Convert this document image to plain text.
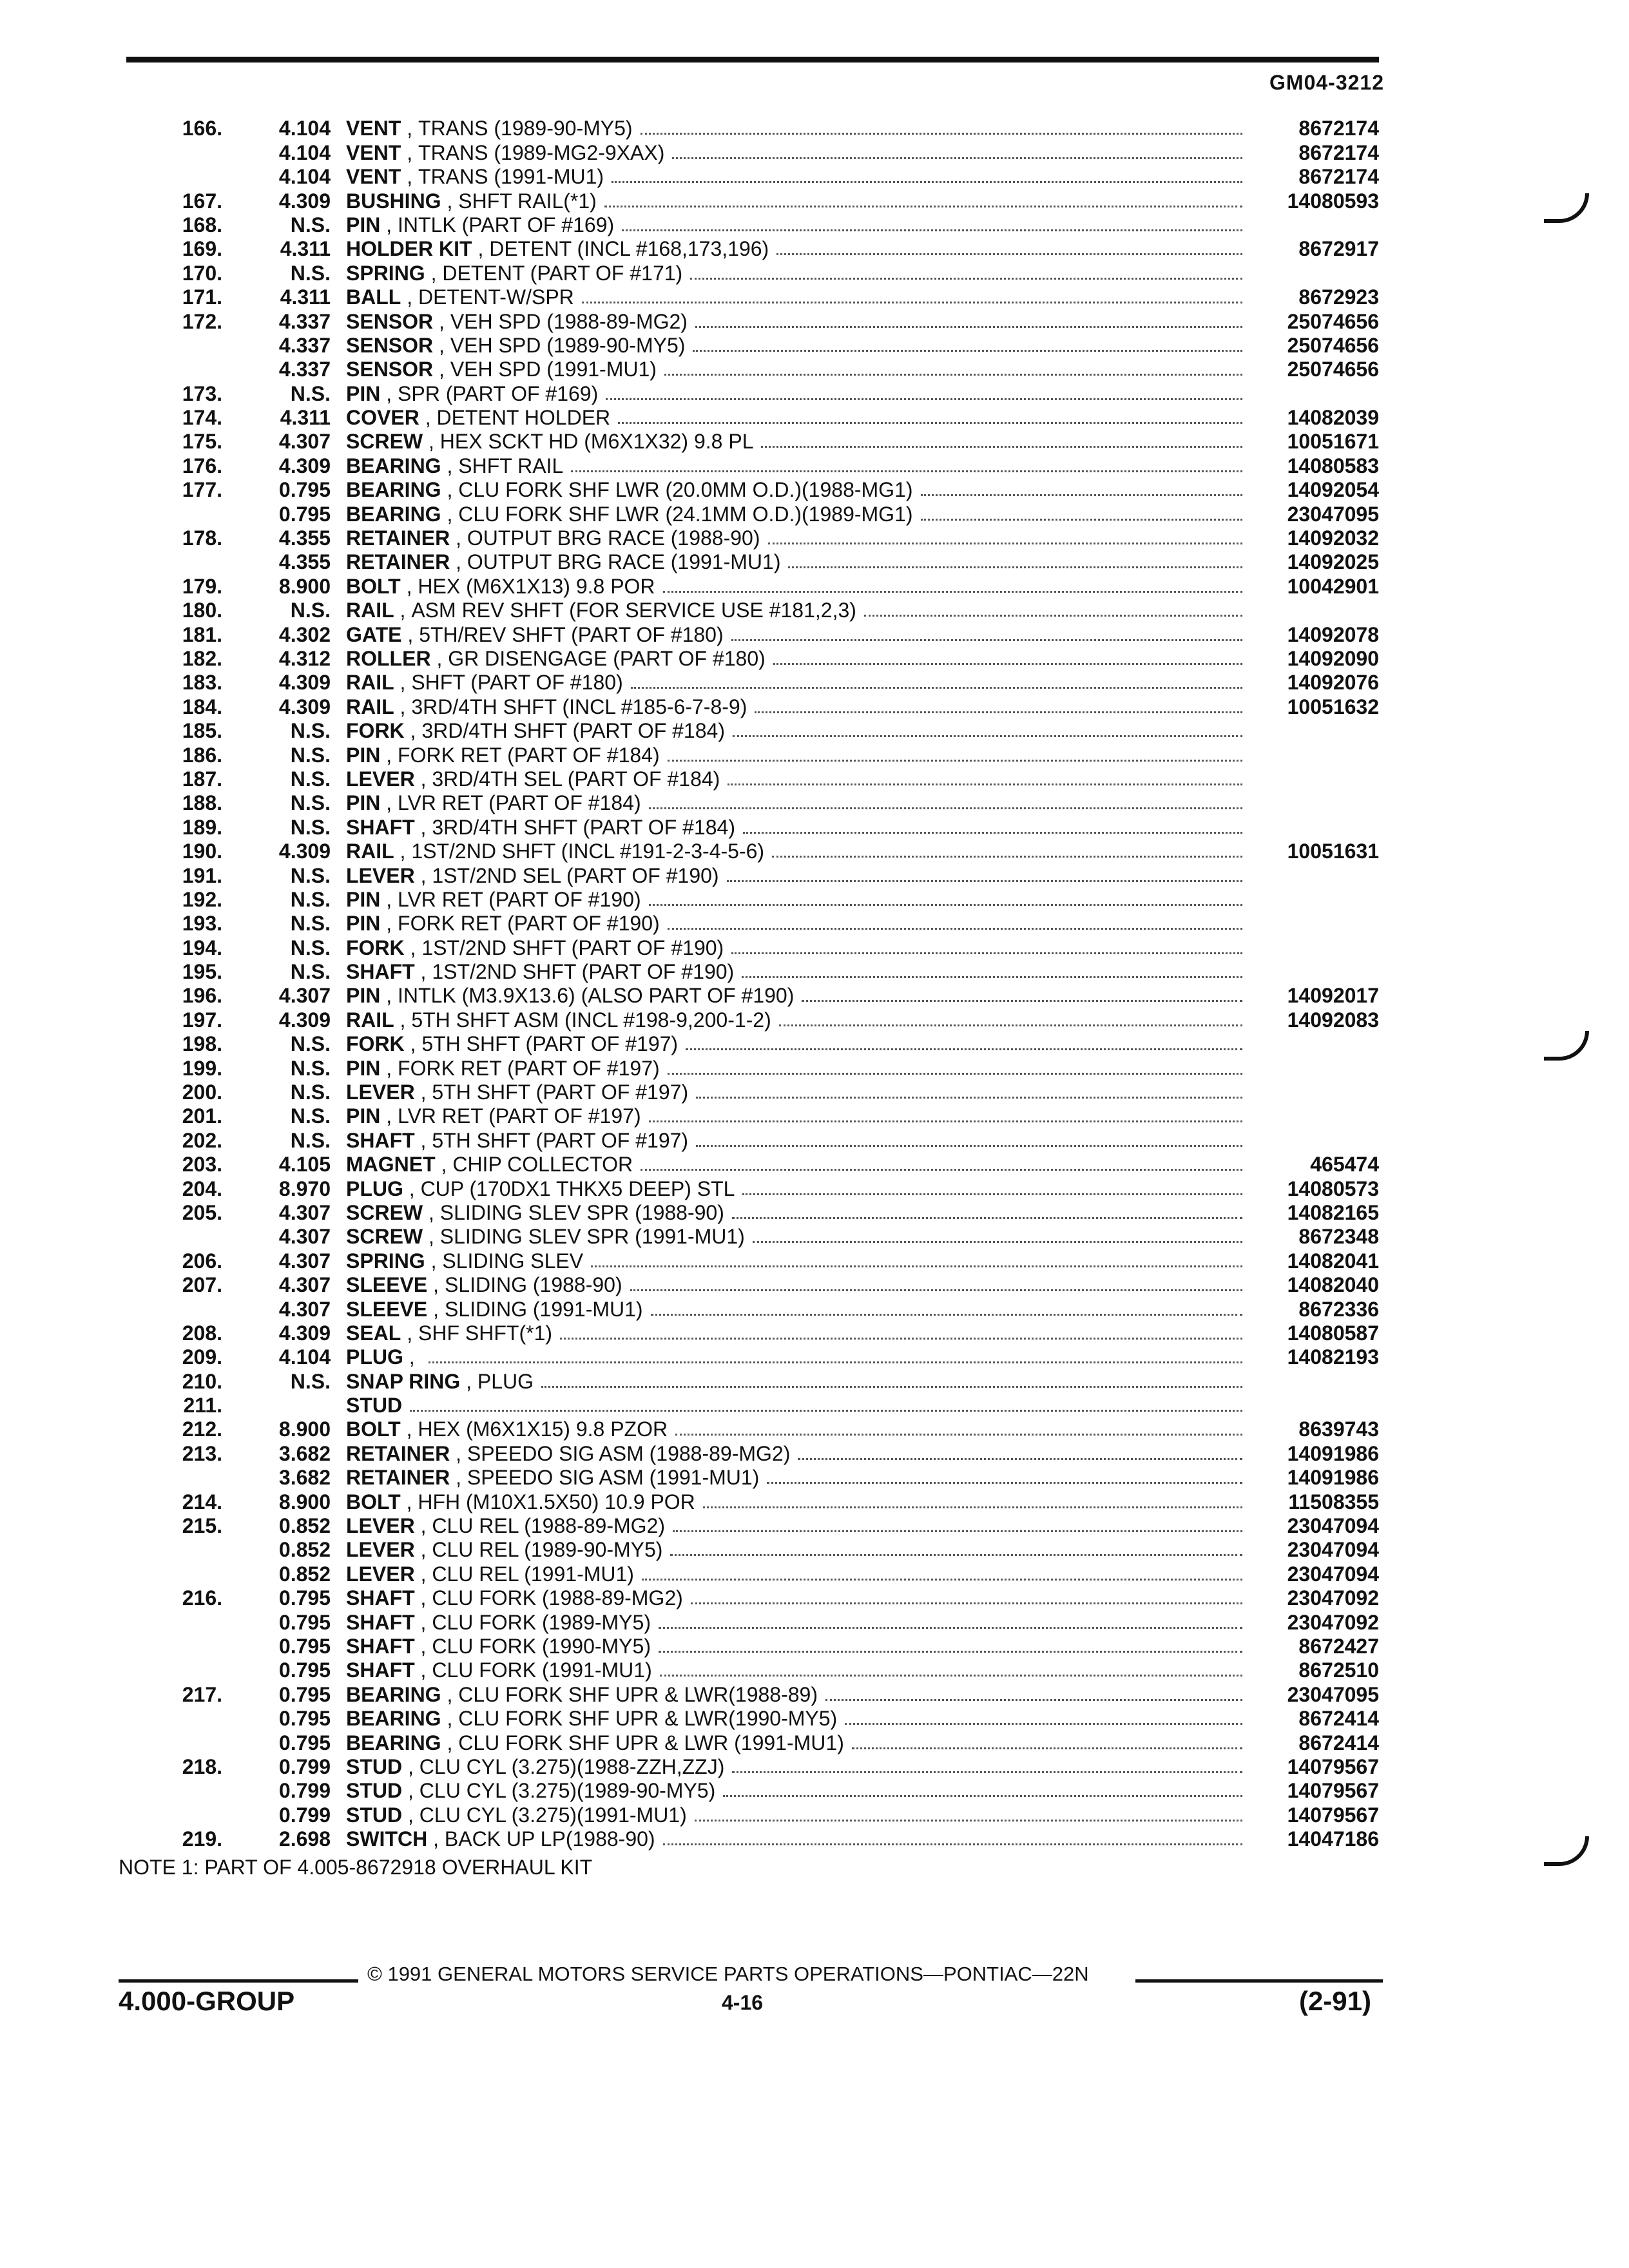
GM04-3212
166.	4.104 VENT , TRANS (1989-90-MY5)	8672174
4.104 VENT , TRANS (1989-MG2-9XAX)	8672174
4.104 VENT , TRANS (1991-MU1)	8672174
167.	4.309 BUSHING , SHFT RAIL(*1)	14080593
168.	N.S. PIN , INTLK (PART OF #169)
169.	4.311 HOLDER KIT , DETENT (INCL #168,173,196)	8672917
170.	N.S. SPRING , DETENT (PART OF #171)
171.	4.311 BALL , DETENT-W/SPR	8672923
172.	4.337 SENSOR , VEH SPD (1988-89-MG2)	25074656
4.337 SENSOR , VEH SPD (1989-90-MY5)	25074656
4.337 SENSOR , VEH SPD (1991-MU1)	25074656
173.	N.S. PIN , SPR (PART OF #169)
174.	4.311 COVER , DETENT HOLDER	14082039
175.	4.307 SCREW , HEX SCKT HD (M6X1X32) 9.8 PL	10051671
176.	4.309 BEARING , SHFT RAIL	14080583
177.	0.795 BEARING , CLU FORK SHF LWR (20.0MM O.D.)(1988-MG1)	14092054
0.795 BEARING , CLU FORK SHF LWR (24.1MM O.D.)(1989-MG1)	23047095
178.	4.355 RETAINER , OUTPUT BRG RACE (1988-90)	14092032
4.355 RETAINER , OUTPUT BRG RACE (1991-MU1)	14092025
179.	8.900 BOLT , HEX (M6X1X13) 9.8 POR	10042901
180.	N.S. RAIL , ASM REV SHFT (FOR SERVICE USE #181,2,3)
181.	4.302 GATE , 5TH/REV SHFT (PART OF #180)	14092078
182.	4.312 ROLLER , GR DISENGAGE (PART OF #180)	14092090
183.	4.309 RAIL , SHFT (PART OF #180)	14092076
184.	4.309 RAIL , 3RD/4TH SHFT (INCL #185-6-7-8-9)	10051632
185.	N.S. FORK , 3RD/4TH SHFT (PART OF #184)
186.	N.S. PIN , FORK RET (PART OF #184)
187.	N.S. LEVER , 3RD/4TH SEL (PART OF #184)
188.	N.S. PIN , LVR RET (PART OF #184)
189.	N.S. SHAFT , 3RD/4TH SHFT (PART OF #184)
190.	4.309 RAIL , 1ST/2ND SHFT (INCL #191-2-3-4-5-6)	10051631
191.	N.S. LEVER , 1ST/2ND SEL (PART OF #190)
192.	N.S. PIN , LVR RET (PART OF #190)
193.	N.S. PIN , FORK RET (PART OF #190)
194.	N.S. FORK , 1ST/2ND SHFT (PART OF #190)
195.	N.S. SHAFT , 1ST/2ND SHFT (PART OF #190)
196.	4.307 PIN , INTLK (M3.9X13.6) (ALSO PART OF #190)	14092017
197.	4.309 RAIL , 5TH SHFT ASM (INCL #198-9,200-1-2)	14092083
198.	N.S. FORK , 5TH SHFT (PART OF #197)
199.	N.S. PIN , FORK RET (PART OF #197)
200.	N.S. LEVER , 5TH SHFT (PART OF #197)
201.	N.S. PIN , LVR RET (PART OF #197)
202.	N.S. SHAFT , 5TH SHFT (PART OF #197)
203.	4.105 MAGNET , CHIP COLLECTOR	465474
204.	8.970 PLUG , CUP (170DX1 THKX5 DEEP) STL	14080573
205.	4.307 SCREW , SLIDING SLEV SPR (1988-90)	14082165
4.307 SCREW , SLIDING SLEV SPR (1991-MU1)	8672348
206.	4.307 SPRING , SLIDING SLEV	14082041
207.	4.307 SLEEVE , SLIDING (1988-90)	14082040
4.307 SLEEVE , SLIDING (1991-MU1)	8672336
208.	4.309 SEAL , SHF SHFT(*1)	14080587
209.	4.104 PLUG ,	14082193
210.	N.S. SNAP RING , PLUG
211.	STUD
212.	8.900 BOLT , HEX (M6X1X15) 9.8 PZOR	8639743
213.	3.682 RETAINER , SPEEDO SIG ASM (1988-89-MG2)	14091986
3.682 RETAINER , SPEEDO SIG ASM (1991-MU1)	14091986
214.	8.900 BOLT , HFH (M10X1.5X50) 10.9 POR	11508355
215.	0.852 LEVER , CLU REL (1988-89-MG2)	23047094
0.852 LEVER , CLU REL (1989-90-MY5)	23047094
0.852 LEVER , CLU REL (1991-MU1)	23047094
216.	0.795 SHAFT , CLU FORK (1988-89-MG2)	23047092
0.795 SHAFT , CLU FORK (1989-MY5)	23047092
0.795 SHAFT , CLU FORK (1990-MY5)	8672427
0.795 SHAFT , CLU FORK (1991-MU1)	8672510
217.	0.795 BEARING , CLU FORK SHF UPR & LWR(1988-89)	23047095
0.795 BEARING , CLU FORK SHF UPR & LWR(1990-MY5)	8672414
0.795 BEARING , CLU FORK SHF UPR & LWR (1991-MU1)	8672414
218.	0.799 STUD , CLU CYL (3.275)(1988-ZZH,ZZJ)	14079567
0.799 STUD , CLU CYL (3.275)(1989-90-MY5)	14079567
0.799 STUD , CLU CYL (3.275)(1991-MU1)	14079567
219.	2.698 SWITCH , BACK UP LP(1988-90)	14047186
NOTE 1: PART OF 4.005-8672918 OVERHAUL KIT
© 1991 GENERAL MOTORS SERVICE PARTS OPERATIONS—PONTIAC—22N
4.000-GROUP	4-16	(2-91)
